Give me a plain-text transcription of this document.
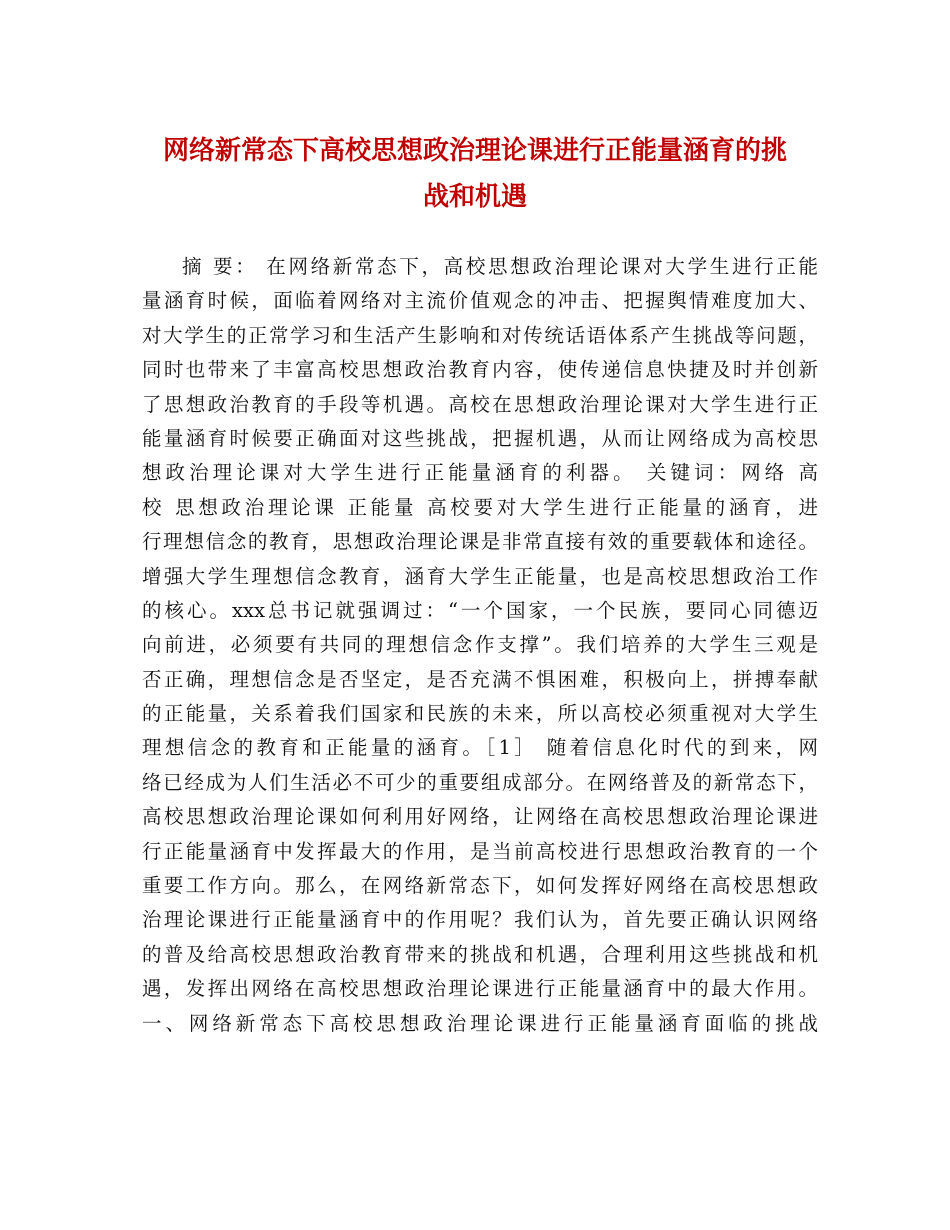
网络新常态下高校思想政治理论课进行正能量涵育的挑
战和机遇
摘 要： 在网络新常态下，高校思想政治理论课对大学生进行正能
量涵育时候，面临着网络对主流价值观念的冲击、把握舆情难度加大、
对大学生的正常学习和生活产生影响和对传统话语体系产生挑战等问题，
同时也带来了丰富高校思想政治教育内容，使传递信息快捷及时并创新
了思想政治教育的手段等机遇。高校在思想政治理论课对大学生进行正
能量涵育时候要正确面对这些挑战，把握机遇，从而让网络成为高校思
想政治理论课对大学生进行正能量涵育的利器。 关键词：网络 高
校 思想政治理论课 正能量 高校要对大学生进行正能量的涵育，进
行理想信念的教育，思想政治理论课是非常直接有效的重要载体和途径。
增强大学生理想信念教育，涵育大学生正能量，也是高校思想政治工作
的核心。xxx总书记就强调过：“一个国家，一个民族，要同心同德迈
向前进，必须要有共同的理想信念作支撑”。我们培养的大学生三观是
否正确，理想信念是否坚定，是否充满不惧困难，积极向上，拼搏奉献
的正能量，关系着我们国家和民族的未来，所以高校必须重视对大学生
理想信念的教育和正能量的涵育。［1］ 随着信息化时代的到来，网
络已经成为人们生活必不可少的重要组成部分。在网络普及的新常态下，
高校思想政治理论课如何利用好网络，让网络在高校思想政治理论课进
行正能量涵育中发挥最大的作用，是当前高校进行思想政治教育的一个
重要工作方向。那么，在网络新常态下，如何发挥好网络在高校思想政
治理论课进行正能量涵育中的作用呢？我们认为，首先要正确认识网络
的普及给高校思想政治教育带来的挑战和机遇，合理利用这些挑战和机
遇，发挥出网络在高校思想政治理论课进行正能量涵育中的最大作用。
一、网络新常态下高校思想政治理论课进行正能量涵育面临的挑战
